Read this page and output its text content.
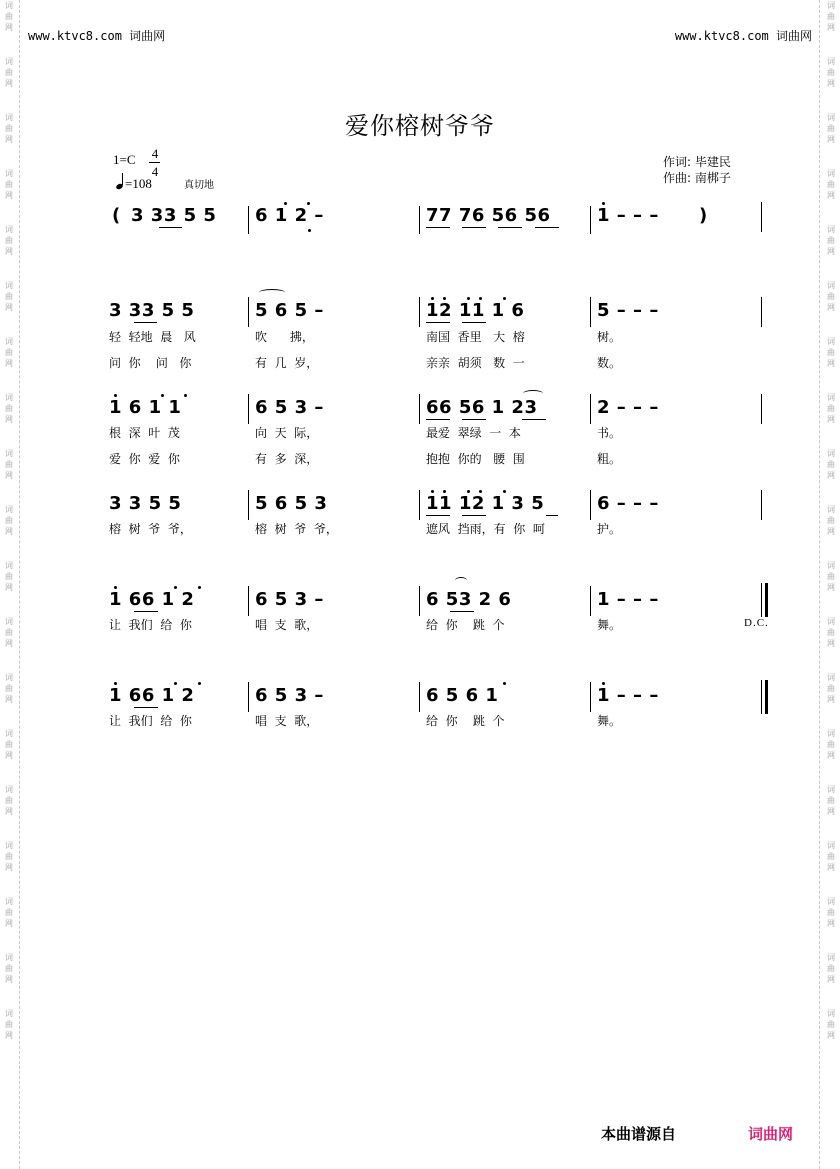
词
曲
网
词
曲
网
词
曲
网
词
曲
网
词
曲
网
词
曲
网
词
曲
网
词
曲
网
词
曲
网
词
曲
网
词
曲
网
词
曲
网
词
曲
网
词
曲
网
词
曲
网
词
曲
网
词
曲
网
词
曲
网
词
曲
网
词
曲
网
词
曲
网
词
曲
网
词
曲
网
词
曲
网
词
曲
网
词
曲
网
词
曲
网
词
曲
网
词
曲
网
词
曲
网
词
曲
网
词
曲
网
词
曲
网
词
曲
网
词
曲
网
词
曲
网
词
曲
网
词
曲
网
www.ktvc8.com 词曲网	www.ktvc8.com 词曲网
爱你榕树爷爷
1=C 4
4
=108	真切地
作词: 毕建民
作曲: 南梆子
( 3 33 5 5 6 1 2 –	77 76 56 56	1 – – – )
3 33 5 5	5 6 5 –	12 11 1 6	5 – – –
轻  轻地  晨   风	吹      拂，	南国  香里   大  榕	树。
问  你    问   你	有  几  岁，	亲亲  胡须   数  一	数。
1 6 1 1	6 5 3 –	66 56 1 23	2 – – –
根  深  叶  茂	向  天  际，	最爱  翠绿  一  本	书。
爱  你  爱  你	有  多  深，	抱抱  你的   腰  围	粗。
3 3 5 5	5 6 5 3	11 12 1 3 5	6 – – –
榕  树  爷  爷，	榕  树  爷  爷，	遮风  挡雨，有  你  呵	护。
1 66 1 2	6 5 3 –	6 53 2 6	1 – – –
D.C.
让  我们  给  你	唱  支  歌，	给  你    跳  个	舞。
1 66 1 2	6 5 3 –	6 5 6 1	1 – – –
让  我们  给  你	唱  支  歌，	给  你    跳  个	舞。
本曲谱源自	词曲网
